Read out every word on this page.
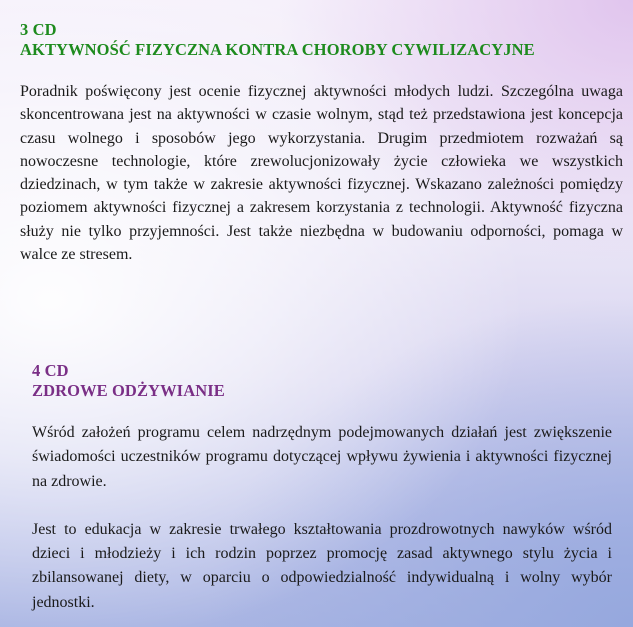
3 CD

AKTYWNOŚĆ FIZYCZNA KONTRA CHOROBY CYWILIZACYJNE

Poradnik poświęcony jest ocenie fizycznej aktywności młodych ludzi. Szczególna uwaga skoncentrowana jest na aktywności w czasie wolnym, stąd też przedstawiona jest koncepcja czasu wolnego i sposobów jego wykorzystania. Drugim przedmiotem rozważań są nowoczesne technologie, które zrewolucjonizowały życie człowieka we wszystkich dziedzinach, w tym także w zakresie aktywności fizycznej. Wskazano zależności pomiędzy poziomem aktywności fizycznej a zakresem korzystania z technologii. Aktywność fizyczna służy nie tylko przyjemności. Jest także niezbędna w budowaniu odporności, pomaga w walce ze stresem.

4 CD

ZDROWE ODŻYWIANIE

Wśród założeń programu celem nadrzędnym podejmowanych działań jest zwiększenie świadomości uczestników programu dotyczącej wpływu żywienia i aktywności fizycznej na zdrowie.

Jest to edukacja w zakresie trwałego kształtowania prozdrowotnych nawyków wśród dzieci i młodzieży i ich rodzin poprzez promocję zasad aktywnego stylu życia i zbilansowanej diety, w oparciu o odpowiedzialność indywidualną i wolny wybór jednostki.
